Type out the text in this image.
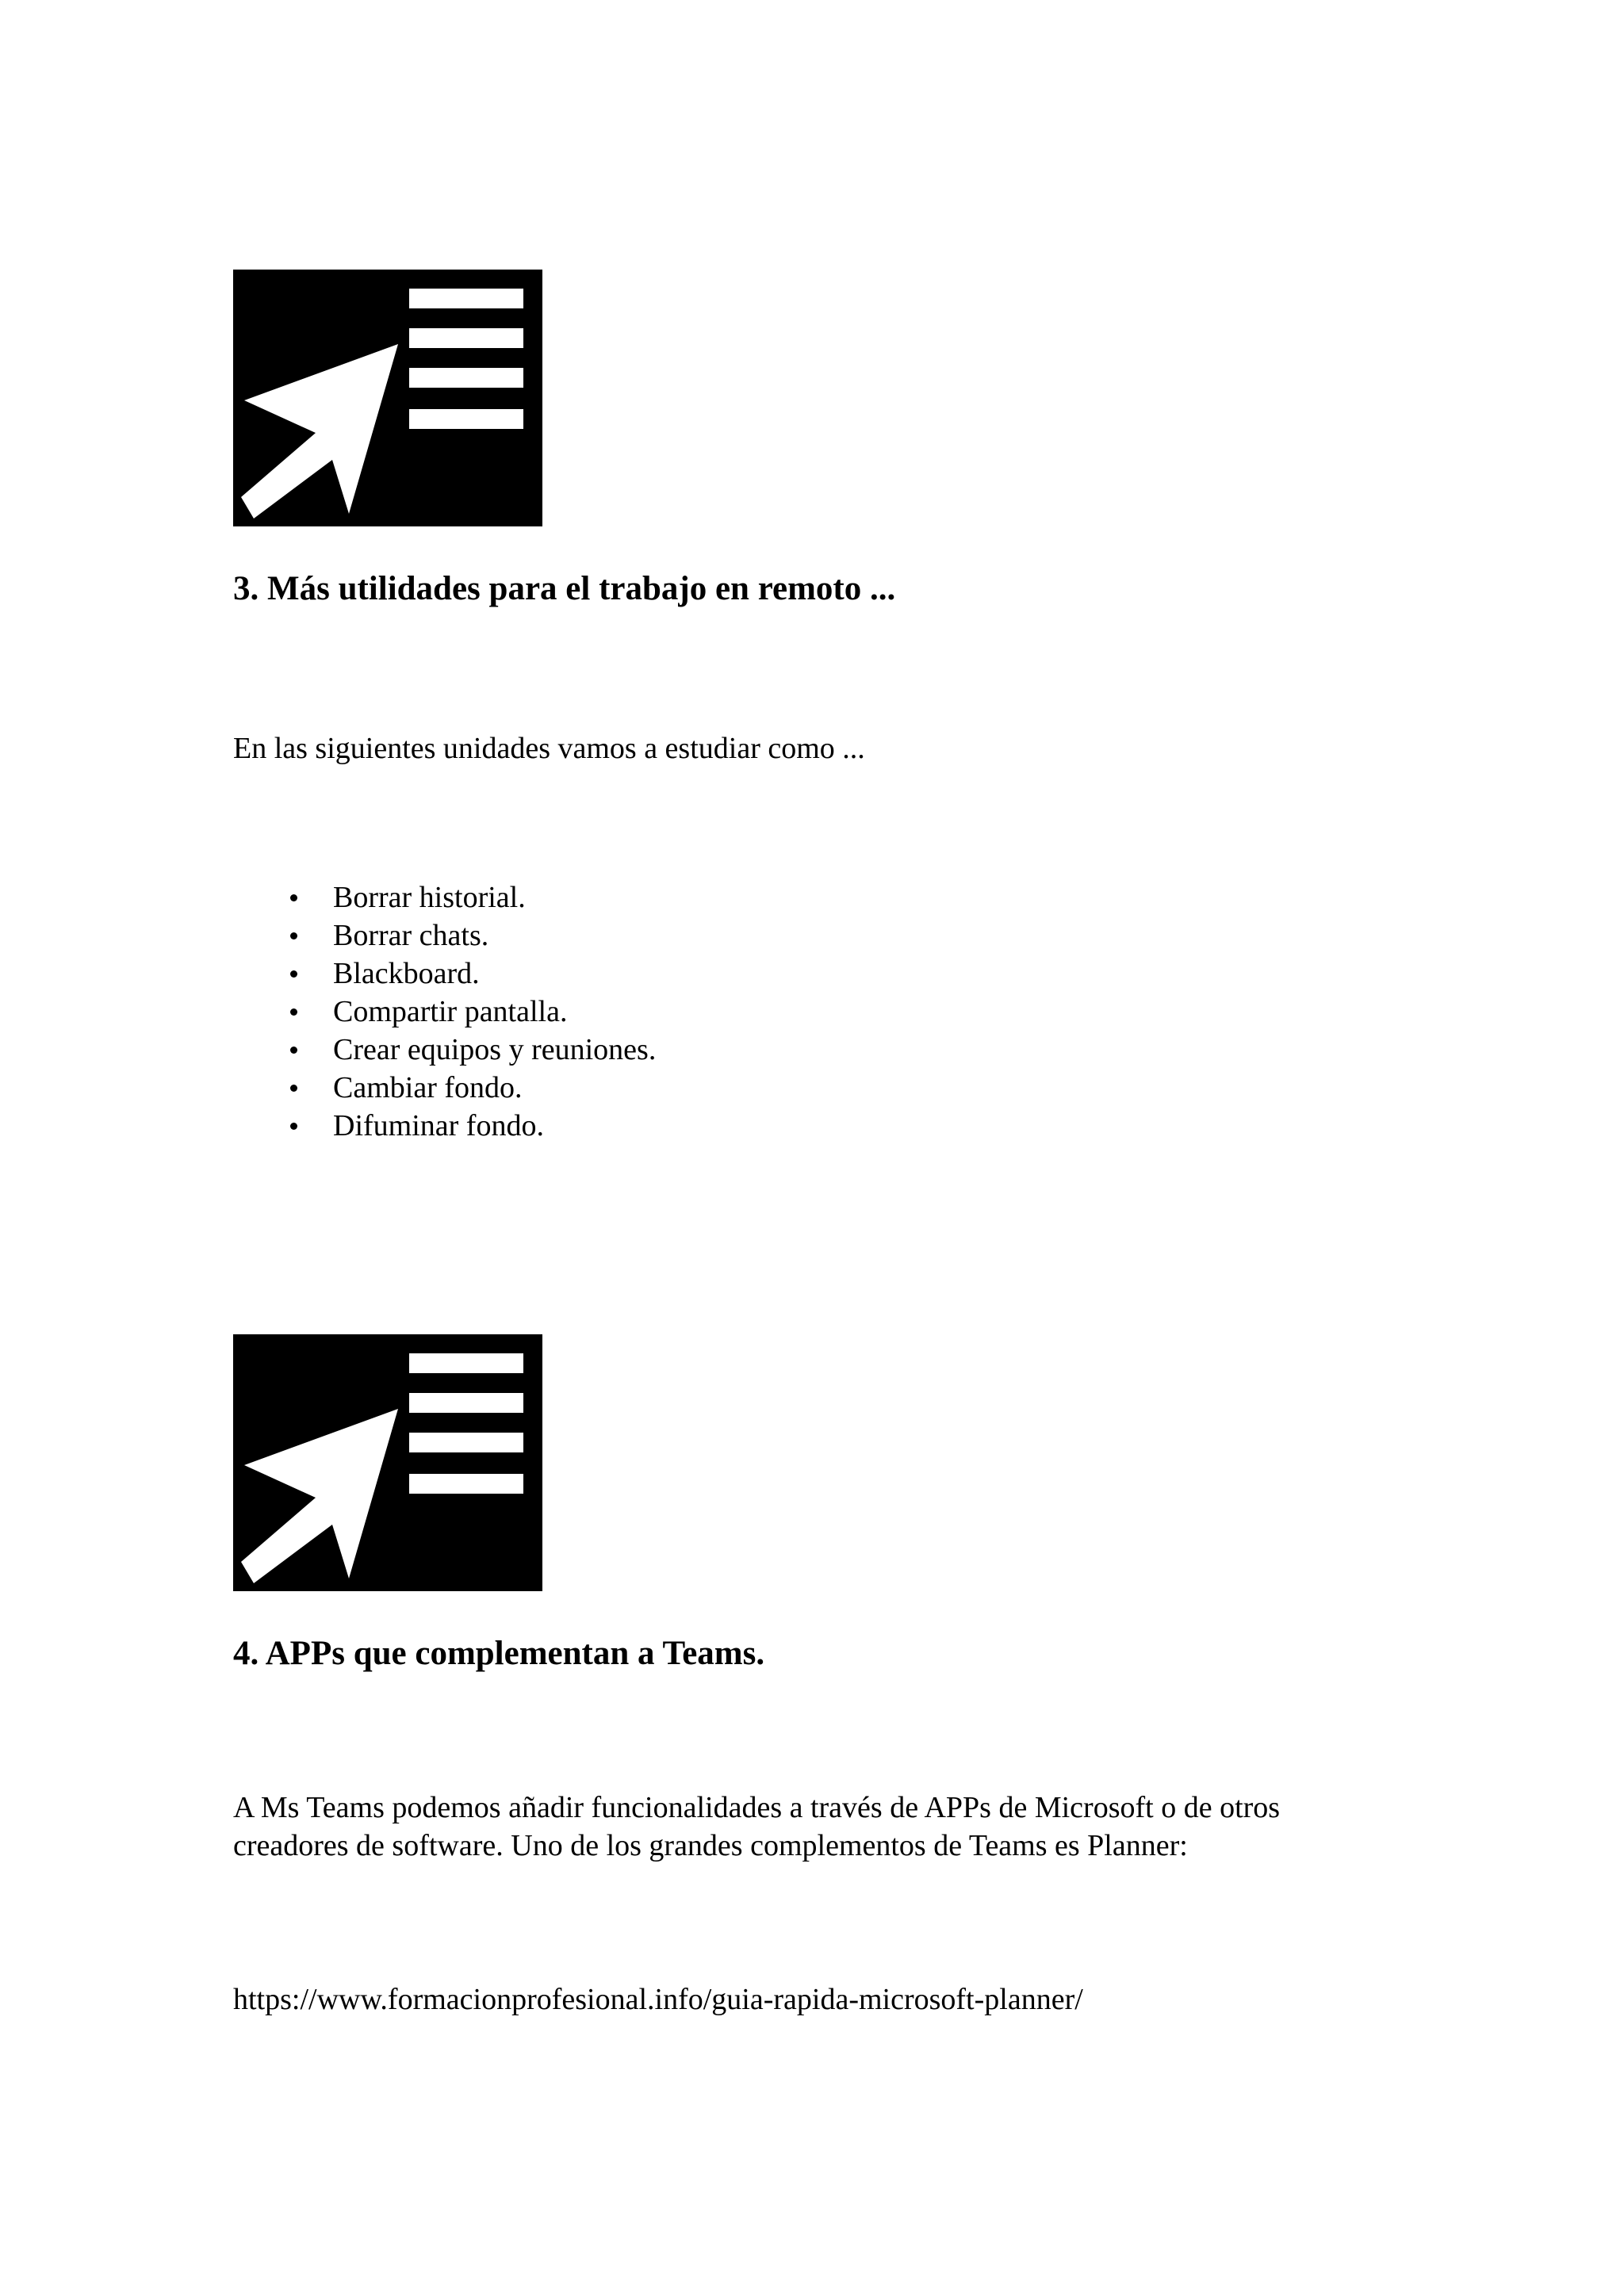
3. Más utilidades para el trabajo en remoto ...

En las siguientes unidades vamos a estudiar como ...

Borrar historial.
Borrar chats.
Blackboard.
Compartir pantalla.
Crear equipos y reuniones.
Cambiar fondo.
Difuminar fondo.
4. APPs que complementan a Teams.

A Ms Teams podemos añadir funcionalidades a través de APPs de Microsoft o de otros
creadores de software. Uno de los grandes complementos de Teams es Planner:

https://www.formacionprofesional.info/guia-rapida-microsoft-planner/
